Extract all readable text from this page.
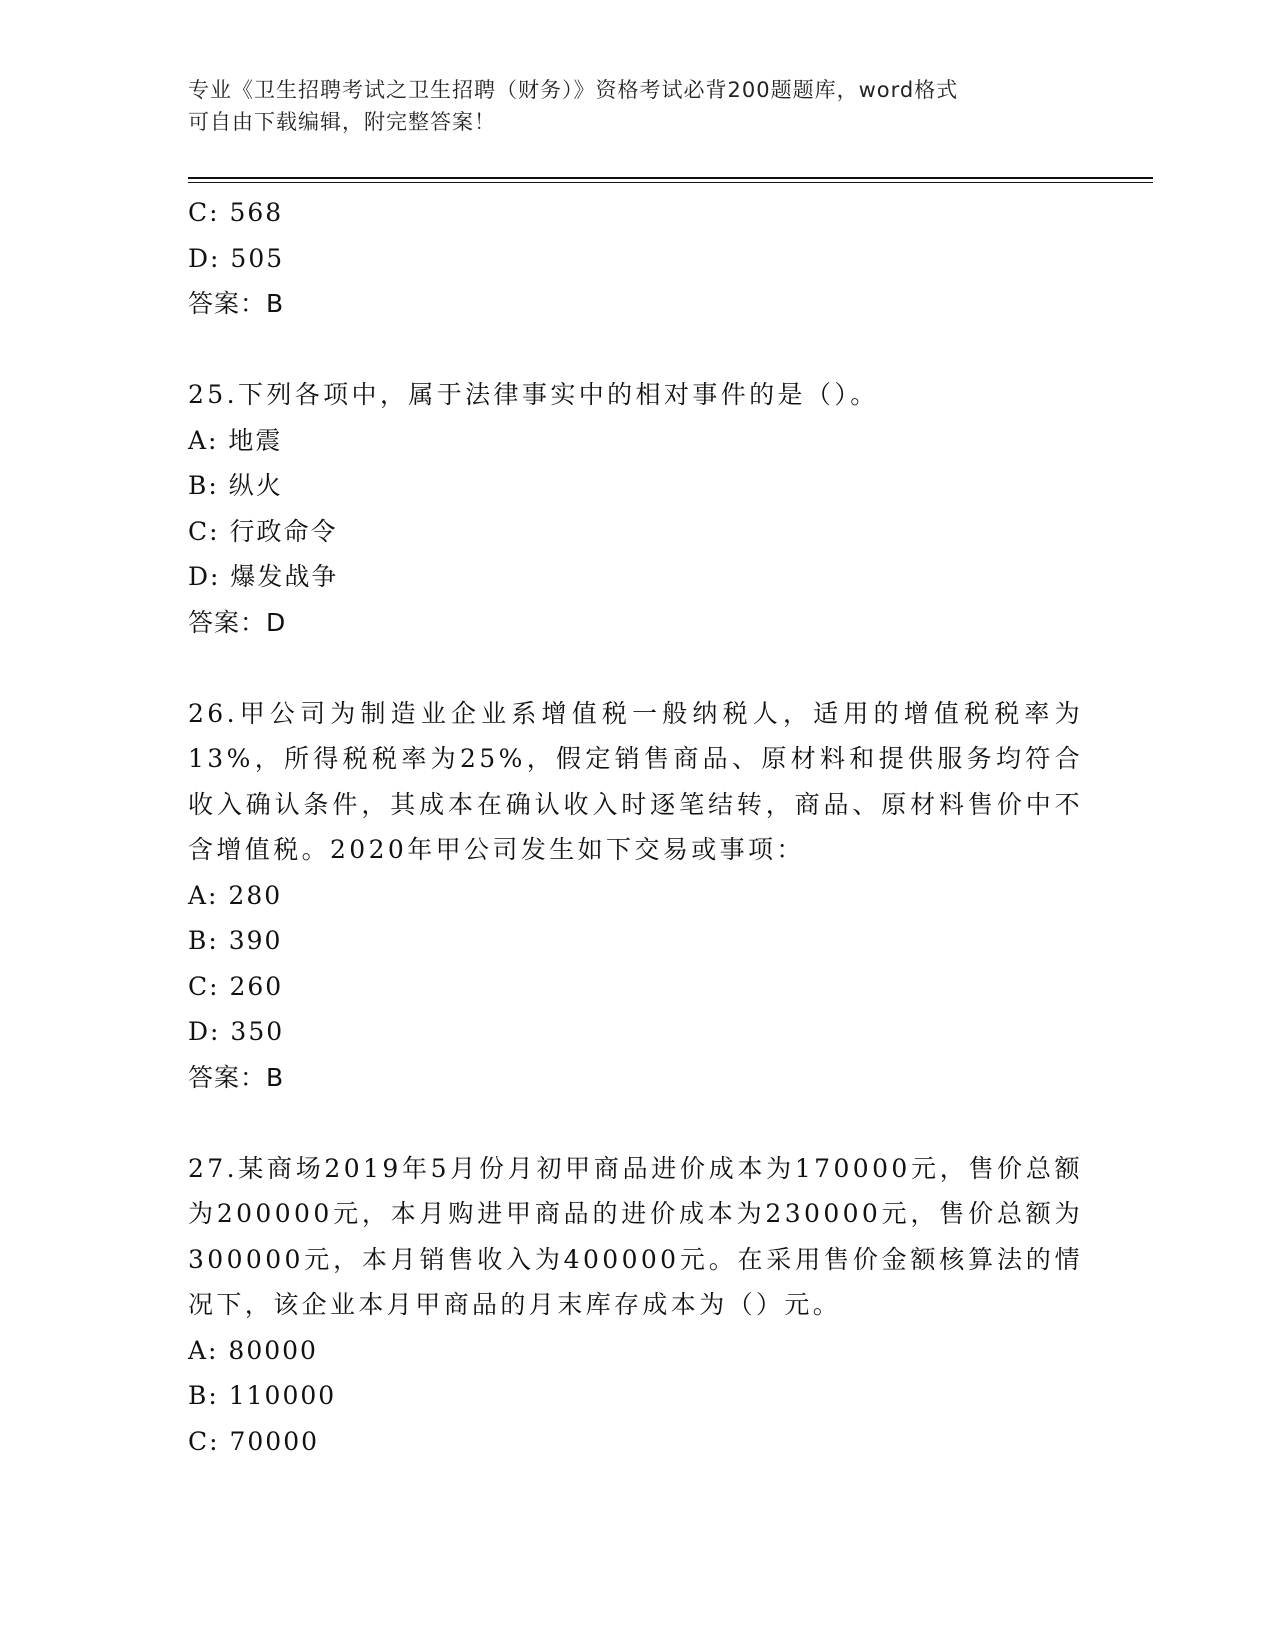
专业《卫生招聘考试之卫生招聘（财务）》资格考试必背200题题库，word格式
可自由下载编辑，附完整答案！
C: 568
D: 505
答案：B
25.下列各项中，属于法律事实中的相对事件的是（）。
A: 地震
B: 纵火
C: 行政命令
D: 爆发战争
答案：D
26.甲公司为制造业企业系增值税一般纳税人，适用的增值税税率为13%，所得税税率为25%，假定销售商品、原材料和提供服务均符合收入确认条件，其成本在确认收入时逐笔结转，商品、原材料售价中不含增值税。2020年甲公司发生如下交易或事项：
A: 280
B: 390
C: 260
D: 350
答案：B
27.某商场2019年5月份月初甲商品进价成本为170000元，售价总额为200000元，本月购进甲商品的进价成本为230000元，售价总额为300000元，本月销售收入为400000元。在采用售价金额核算法的情况下，该企业本月甲商品的月末库存成本为（）元。
A: 80000
B: 110000
C: 70000
